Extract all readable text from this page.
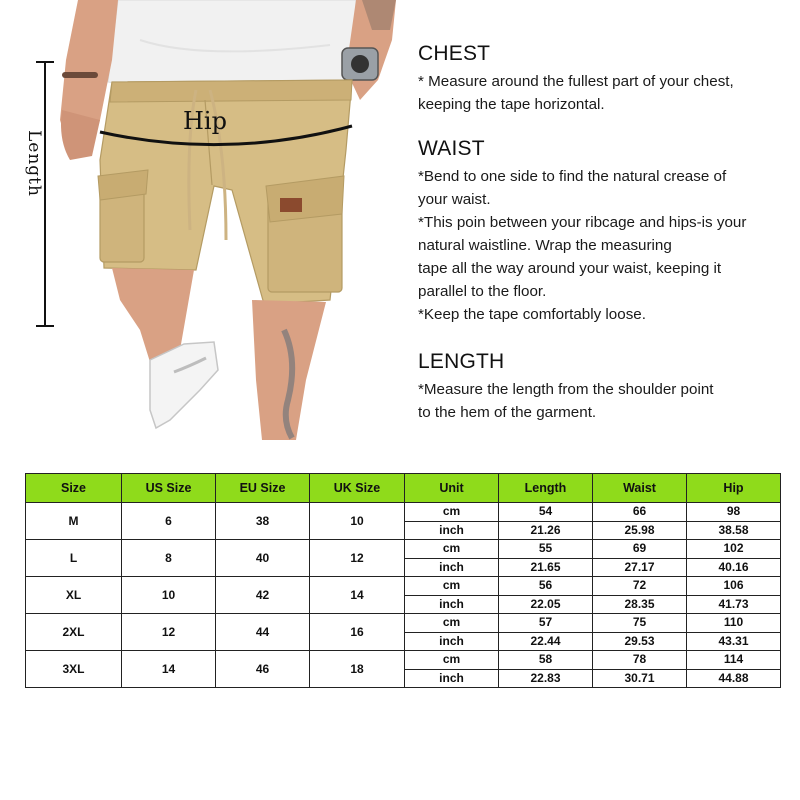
Length
Hip
CHEST

* Measure around the fullest part of your chest,

keeping the tape horizontal.

WAIST

*Bend to one side to find the natural crease of

your waist.

*This poin between your ribcage and hips-is your

natural waistline. Wrap the measuring

tape all the way around your waist, keeping it

parallel to the floor.

*Keep the tape comfortably loose.

LENGTH

*Measure the length from the shoulder point

to the hem of the garment.

Size	US Size	EU Size	UK Size	Unit	Length	Waist	Hip
M	6	38	10	cm	54	66	98
				inch	21.26	25.98	38.58
L	8	40	12	cm	55	69	102
				inch	21.65	27.17	40.16
XL	10	42	14	cm	56	72	106
				inch	22.05	28.35	41.73
2XL	12	44	16	cm	57	75	110
				inch	22.44	29.53	43.31
3XL	14	46	18	cm	58	78	114
				inch	22.83	30.71	44.88
